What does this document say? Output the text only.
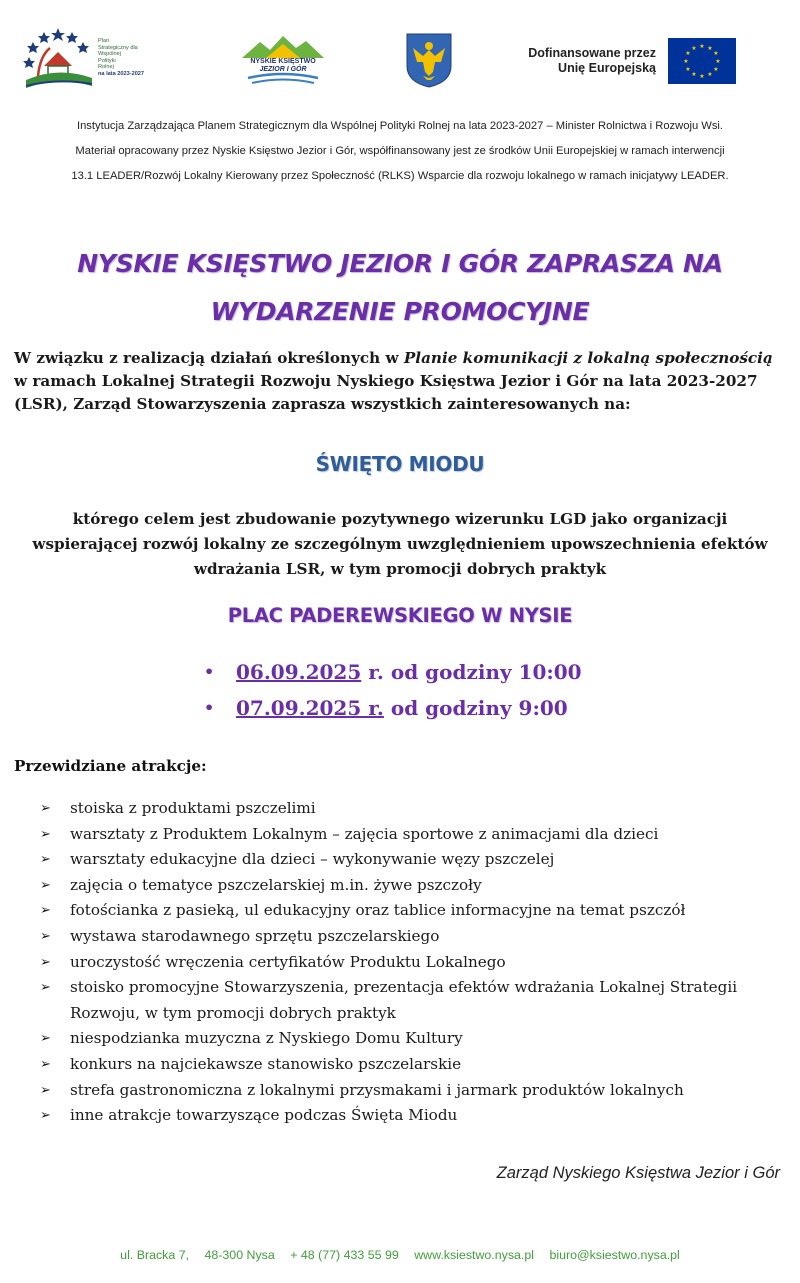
Plan
Strategiczny dla
Wspólnej
Polityki
Rolnej
na lata 2023-2027
NYSKIE KSIĘSTWO
JEZIOR I GÓR
Dofinansowane przez
Unię Europejską
★ ★
★
★
★
★
★
★
★
★
★
★
Instytucja Zarządzająca Planem Strategicznym dla Wspólnej Polityki Rolnej na lata 2023-2027 – Minister Rolnictwa i Rozwoju Wsi.
Materiał opracowany przez Nyskie Księstwo Jezior i Gór, współfinansowany jest ze środków Unii Europejskiej w ramach interwencji
13.1 LEADER/Rozwój Lokalny Kierowany przez Społeczność (RLKS) Wsparcie dla rozwoju lokalnego w ramach inicjatywy LEADER.
NYSKIE KSIĘSTWO JEZIOR I GÓR ZAPRASZA NA
WYDARZENIE PROMOCYJNE
W związku z realizacją działań określonych w Planie komunikacji z lokalną społecznością
w ramach Lokalnej Strategii Rozwoju Nyskiego Księstwa Jezior i Gór na lata 2023-2027
(LSR), Zarząd Stowarzyszenia zaprasza wszystkich zainteresowanych na:
ŚWIĘTO MIODU
którego celem jest zbudowanie pozytywnego wizerunku LGD jako organizacji
wspierającej rozwój lokalny ze szczególnym uwzględnieniem upowszechnienia efektów
wdrażania LSR, w tym promocji dobrych praktyk
PLAC PADEREWSKIEGO W NYSIE
• 06.09.2025 r. od godziny 10:00
• 07.09.2025 r. od godziny 9:00
Przewidziane atrakcje:
➢ stoiska z produktami pszczelimi
➢ warsztaty z Produktem Lokalnym – zajęcia sportowe z animacjami dla dzieci
➢ warsztaty edukacyjne dla dzieci – wykonywanie węzy pszczelej
➢ zajęcia o tematyce pszczelarskiej m.in. żywe pszczoły
➢ fotościanka z pasieką, ul edukacyjny oraz tablice informacyjne na temat pszczół
➢ wystawa starodawnego sprzętu pszczelarskiego
➢ uroczystość wręczenia certyfikatów Produktu Lokalnego
➢ stoisko promocyjne Stowarzyszenia, prezentacja efektów wdrażania Lokalnej Strategii
Rozwoju, w tym promocji dobrych praktyk
➢ niespodzianka muzyczna z Nyskiego Domu Kultury
➢ konkurs na najciekawsze stanowisko pszczelarskie
➢ strefa gastronomiczna z lokalnymi przysmakami i jarmark produktów lokalnych
➢ inne atrakcje towarzyszące podczas Święta Miodu
Zarząd Nyskiego Księstwa Jezior i Gór
ul. Bracka 7, 48-300 Nysa + 48 (77) 433 55 99 www.ksiestwo.nysa.pl biuro@ksiestwo.nysa.pl
